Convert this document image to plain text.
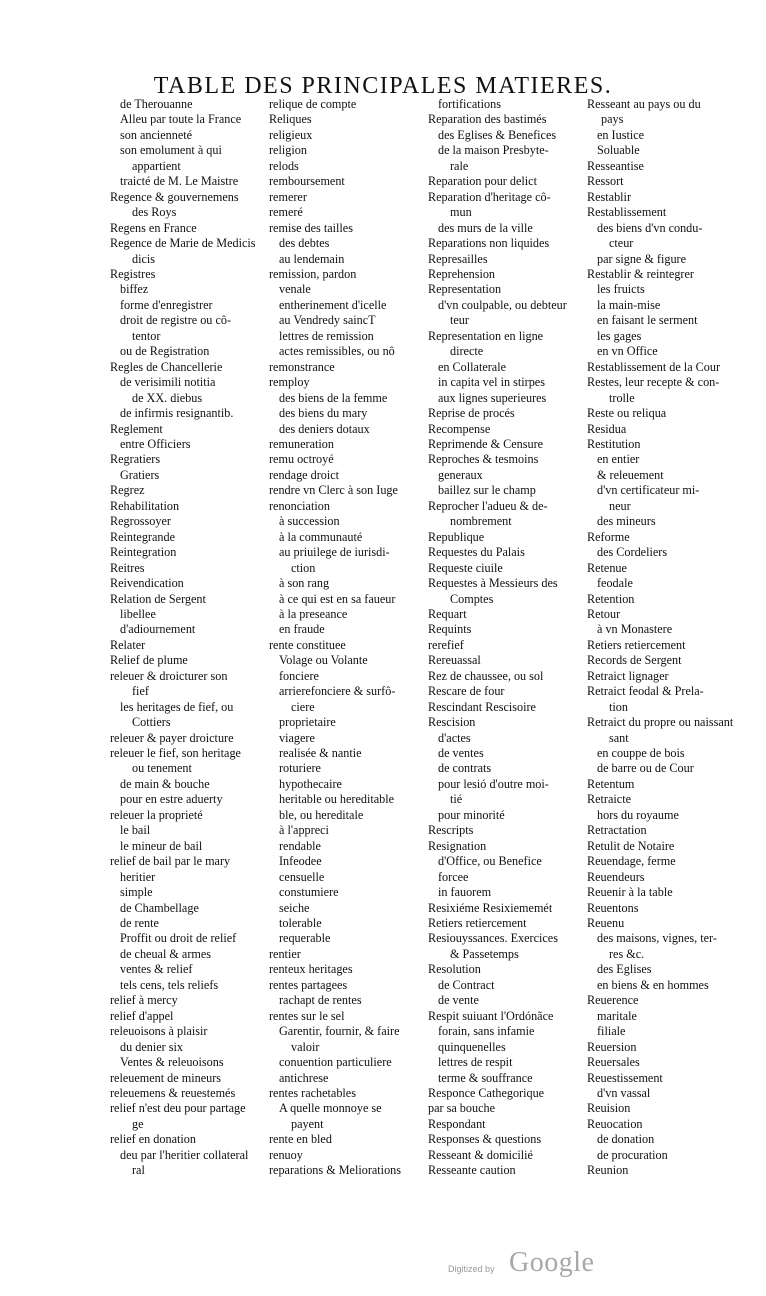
TABLE DES PRINCIPALES MATIERES.
de Therouanne
Alleu par toute la France
son ancienneté
son emolument à qui
appartient
traicté de M. Le Maistre
Regence & gouvernemens
des Roys
Regens en France
Regence de Marie de Medicis
dicis
Registres
biffez
forme d'enregistrer
droit de registre ou cô-
tentor
ou de Registration
Regles de Chancellerie
de verisimili notitia
de XX. diebus
de infirmis resignantib.
Reglement
entre Officiers
Regratiers
Gratiers
Regrez
Rehabilitation
Regrossoyer
Reintegrande
Reintegration
Reitres
Reivendication
Relation de Sergent
libellee
d'adiournement
Relater
Relief de plume
releuer & droicturer son
fief
les heritages de fief, ou
Cottiers
releuer & payer droicture
releuer le fief, son heritage
ou tenement
de main & bouche
pour en estre aduerty
releuer la proprieté
le bail
le mineur de bail
relief de bail par le mary
heritier
simple
de Chambellage
de rente
Proffit ou droit de relief
de cheual & armes
ventes & relief
tels cens, tels reliefs
relief à mercy
relief d'appel
releuoisons à plaisir
du denier six
Ventes & releuoisons
releuement de mineurs
releuemens & reuestemés
relief n'est deu pour partage
ge
relief en donation
deu par l'heritier collateral
ral
relique de compte
Reliques
religieux
religion
relods
remboursement
remerer
remeré
remise des tailles
des debtes
au lendemain
remission, pardon
venale
entherinement d'icelle
au Vendredy saincT
lettres de remission
actes remissibles, ou nô
remonstrance
remploy
des biens de la femme
des biens du mary
des deniers dotaux
remuneration
remu octroyé
rendage droict
rendre vn Clerc à son Iuge
renonciation
à succession
à la communauté
au priuilege de iurisdi-
ction
à son rang
à ce qui est en sa faueur
à la preseance
en fraude
rente constituee
Volage ou Volante
fonciere
arrierefonciere & surfô-
ciere
proprietaire
viagere
realisée & nantie
roturiere
hypothecaire
heritable ou hereditable
ble, ou hereditale
à l'appreci
rendable
Infeodee
censuelle
constumiere
seiche
tolerable
requerable
rentier
renteux heritages
rentes partagees
rachapt de rentes
rentes sur le sel
Garentir, fournir, & faire
valoir
conuention particuliere
antichrese
rentes rachetables
A quelle monnoye se
payent
rente en bled
renuoy
reparations & Meliorations
fortifications
Reparation des bastimés
des Eglises & Benefices
de la maison Presbyte-
rale
Reparation pour delict
Reparation d'heritage cô-
mun
des murs de la ville
Reparations non liquides
Represailles
Reprehension
Representation
d'vn coulpable, ou debteur
teur
Representation en ligne
directe
en Collaterale
in capita vel in stirpes
aux lignes superieures
Reprise de procés
Recompense
Reprimende & Censure
Reproches & tesmoins
generaux
baillez sur le champ
Reprocher l'adueu & de-
nombrement
Republique
Requestes du Palais
Requeste ciuile
Requestes à Messieurs des
Comptes
Requart
Requints
rerefief
Rereuassal
Rez de chaussee, ou sol
Rescare de four
Rescindant Rescisoire
Rescision
d'actes
de ventes
de contrats
pour lesió d'outre moi-
tié
pour minorité
Rescripts
Resignation
d'Office, ou Benefice
forcee
in fauorem
Resixiéme Resixiememét
Retiers retiercement
Resiouyssances. Exercices
& Passetemps
Resolution
de Contract
de vente
Respit suiuant l'Ordónãce
forain, sans infamie
quinquenelles
lettres de respit
terme & souffrance
Responce Cathegorique
par sa bouche
Respondant
Responses & questions
Resseant & domicilié
Resseante caution
Resseant au pays ou du
pays
en Iustice
Soluable
Resseantise
Ressort
Restablir
Restablissement
des biens d'vn condu-
cteur
par signe & figure
Restablir & reintegrer
les fruicts
la main-mise
en faisant le serment
les gages
en vn Office
Restablissement de la Cour
Restes, leur recepte & con-
trolle
Reste ou reliqua
Residua
Restitution
en entier
& releuement
d'vn certificateur mi-
neur
des mineurs
Reforme
des Cordeliers
Retenue
feodale
Retention
Retour
à vn Monastere
Retiers retiercement
Records de Sergent
Retraict lignager
Retraict feodal & Prela-
tion
Retraict du propre ou naissant
sant
en couppe de bois
de barre ou de Cour
Retentum
Retraicte
hors du royaume
Retractation
Retulit de Notaire
Reuendage, ferme
Reuendeurs
Reuenir à la table
Reuentons
Reuenu
des maisons, vignes, ter-
res &c.
des Eglises
en biens & en hommes
Reuerence
maritale
filiale
Reuersion
Reuersales
Reuestissement
d'vn vassal
Reuision
Reuocation
de donation
de procuration
Reunion
Digitized by Google
